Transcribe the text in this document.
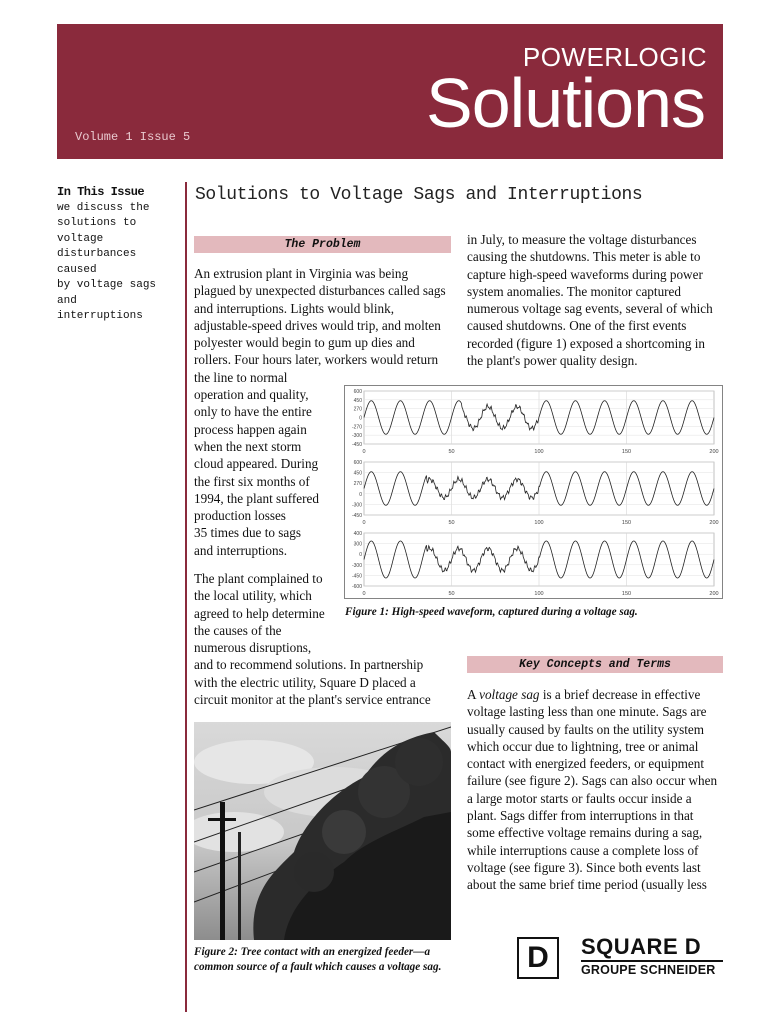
POWERLOGIC
Solutions
Volume 1 Issue 5
In This Issue
we discuss the
solutions to voltage
disturbances caused
by voltage sags and
interruptions
Solutions to Voltage Sags and Interruptions
The Problem
An extrusion plant in Virginia was being
plagued by unexpected disturbances called sags
and interruptions. Lights would blink,
adjustable-speed drives would trip, and molten
polyester would begin to gum up dies and
rollers. Four hours later, workers would return
the line to normal
operation and quality,
only to have the entire
process happen again
when the next storm
cloud appeared. During
the first six months of
1994, the plant suffered
production losses
35 times due to sags
and interruptions.
The plant complained to
the local utility, which
agreed to help determine
the causes of the
numerous disruptions,
and to recommend solutions. In partnership
with the electric utility, Square D placed a
circuit monitor at the plant's service entrance
in July, to measure the voltage disturbances
causing the shutdowns. This meter is able to
capture high-speed waveforms during power
system anomalies. The monitor captured
numerous voltage sag events, several of which
caused shutdowns. One of the first events
recorded (figure 1) exposed a shortcoming in
the plant's power quality design.
0	50	100	150	200
600
450
270
0
-270
-300
-450
0	50	100	150	200
600
450
270
0
-300
-450
0	50	100	150	200
400
300
0
-300
-450
-600
Figure 1: High-speed waveform, captured during a voltage sag.
Figure 2: Tree contact with an energized feeder—a
common source of a fault which causes a voltage sag.
Key Concepts and Terms
A voltage sag is a brief decrease in effective
voltage lasting less than one minute. Sags are
usually caused by faults on the utility system
which occur due to lightning, tree or animal
contact with energized feeders, or equipment
failure (see figure 2). Sags can also occur when
a large motor starts or faults occur inside a
plant. Sags differ from interruptions in that
some effective voltage remains during a sag,
while interruptions cause a complete loss of
voltage (see figure 3). Since both events last
about the same brief time period (usually less
D SQUARE D
GROUPE SCHNEIDER
